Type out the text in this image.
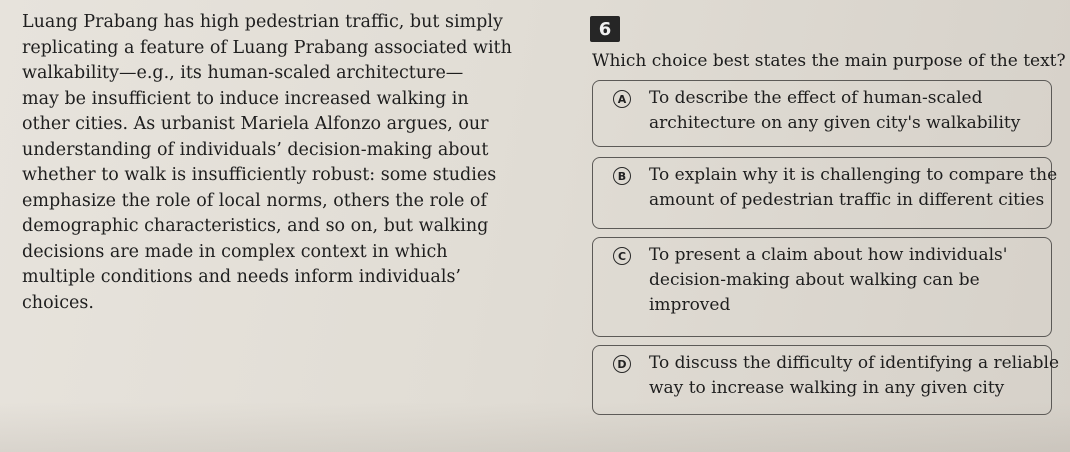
Luang Prabang has high pedestrian traffic, but simply
replicating a feature of Luang Prabang associated with
walkability—e.g., its human-scaled architecture—
may be insufficient to induce increased walking in
other cities. As urbanist Mariela Alfonzo argues, our
understanding of individuals’ decision-making about
whether to walk is insufficiently robust: some studies
emphasize the role of local norms, others the role of
demographic characteristics, and so on, but walking
decisions are made in complex context in which
multiple conditions and needs inform individuals’
choices.
6
Which choice best states the main purpose of the text?
A To describe the effect of human-scaled
architecture on any given city's walkability
B To explain why it is challenging to compare the
amount of pedestrian traffic in different cities
C To present a claim about how individuals'
decision-making about walking can be
improved
D To discuss the difficulty of identifying a reliable
way to increase walking in any given city
